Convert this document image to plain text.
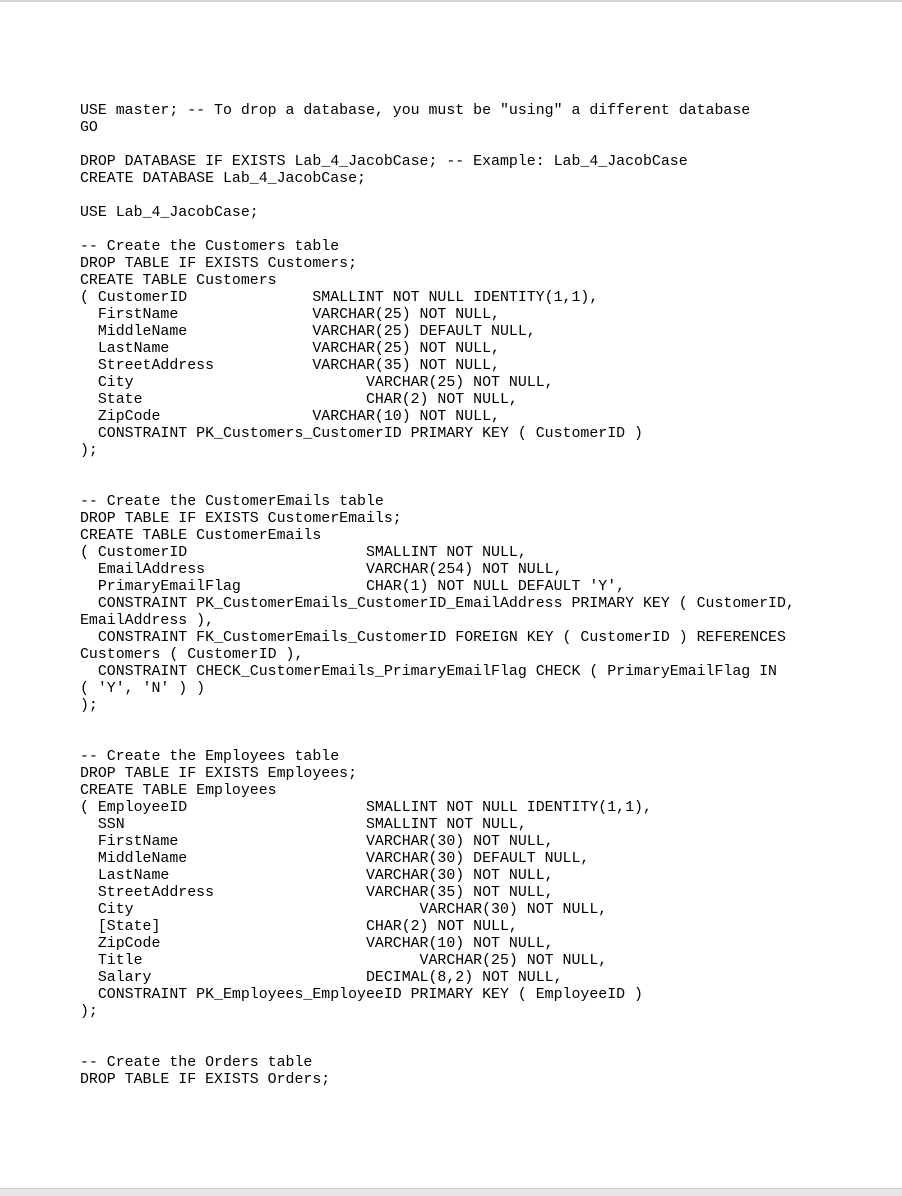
USE master; -- To drop a database, you must be "using" a different database
GO
DROP DATABASE IF EXISTS Lab_4_JacobCase; -- Example: Lab_4_JacobCase
CREATE DATABASE Lab_4_JacobCase;
USE Lab_4_JacobCase;
-- Create the Customers table
DROP TABLE IF EXISTS Customers;
CREATE TABLE Customers
( CustomerID              SMALLINT NOT NULL IDENTITY(1,1),
FirstName               VARCHAR(25) NOT NULL,
MiddleName              VARCHAR(25) DEFAULT NULL,
LastName                VARCHAR(25) NOT NULL,
StreetAddress           VARCHAR(35) NOT NULL,
City                          VARCHAR(25) NOT NULL,
State                         CHAR(2) NOT NULL,
ZipCode                 VARCHAR(10) NOT NULL,
CONSTRAINT PK_Customers_CustomerID PRIMARY KEY ( CustomerID )
);
-- Create the CustomerEmails table
DROP TABLE IF EXISTS CustomerEmails;
CREATE TABLE CustomerEmails
( CustomerID                    SMALLINT NOT NULL,
EmailAddress                  VARCHAR(254) NOT NULL,
PrimaryEmailFlag              CHAR(1) NOT NULL DEFAULT 'Y',
CONSTRAINT PK_CustomerEmails_CustomerID_EmailAddress PRIMARY KEY ( CustomerID,
EmailAddress ),
CONSTRAINT FK_CustomerEmails_CustomerID FOREIGN KEY ( CustomerID ) REFERENCES
Customers ( CustomerID ),
CONSTRAINT CHECK_CustomerEmails_PrimaryEmailFlag CHECK ( PrimaryEmailFlag IN
( 'Y', 'N' ) )
);
-- Create the Employees table
DROP TABLE IF EXISTS Employees;
CREATE TABLE Employees
( EmployeeID                    SMALLINT NOT NULL IDENTITY(1,1),
SSN                           SMALLINT NOT NULL,
FirstName                     VARCHAR(30) NOT NULL,
MiddleName                    VARCHAR(30) DEFAULT NULL,
LastName                      VARCHAR(30) NOT NULL,
StreetAddress                 VARCHAR(35) NOT NULL,
City                                VARCHAR(30) NOT NULL,
[State]                       CHAR(2) NOT NULL,
ZipCode                       VARCHAR(10) NOT NULL,
Title                               VARCHAR(25) NOT NULL,
Salary                        DECIMAL(8,2) NOT NULL,
CONSTRAINT PK_Employees_EmployeeID PRIMARY KEY ( EmployeeID )
);
-- Create the Orders table
DROP TABLE IF EXISTS Orders;
